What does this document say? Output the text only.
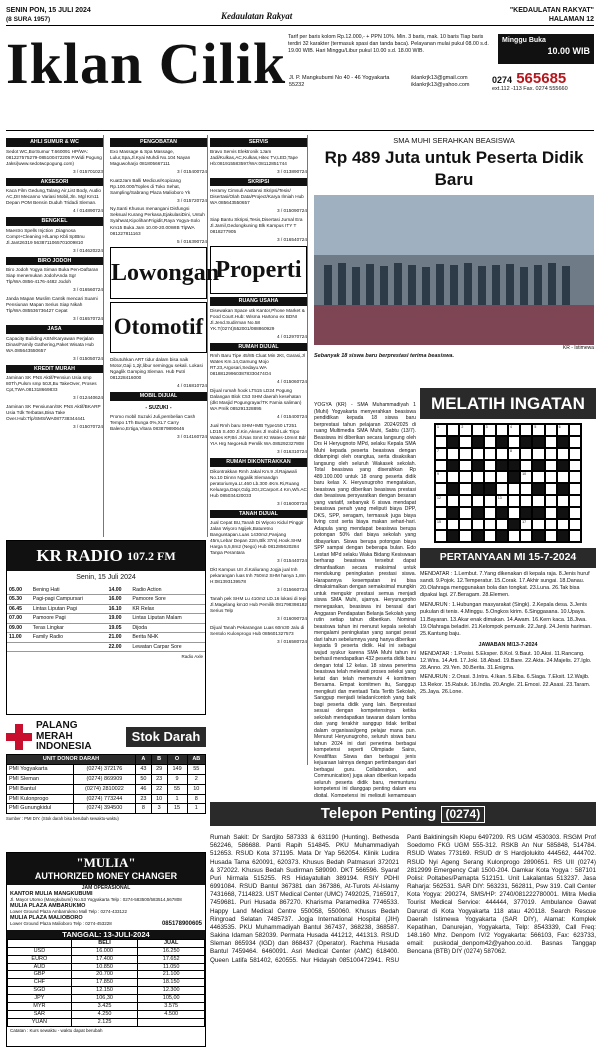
SENIN PON, 15 JULI 2024
(8 SURA 1957)	Kedaulatan Rakyat
"KEDAULATAN RAKYAT"
HALAMAN 12
Iklan Cilik Tarif per baris kolom Rp.12.000,- + PPN 10%. Min. 3 baris, mak. 10 baris Tiap baris terdiri 32 karakter (termasuk spasi dan tanda baca). Pelayanan mulai pukul 08.00 s.d. 19.00 WIB. Hari Minggu/Libur pukul 10.00 s.d. 18.00 WIB.
Minggu Buka
10.00 WIB
Jl. P. Mangkubumi No 40 - 46 Yogyakarta 55232
iklankrjk13@gmail.com
iklankrjk13@yahoo.com
0274 565685
ext.112 -113 Fax. 0274 555660
AHLI SUMUR & WC
Sedot WC,BorSumur T.660091 HP/WA: 081227575279-085100472205 P.Widi Pogung Jaksi(www.sedotwcpogung.com)
3 / 015701023
AKSESORI
Kaca Film Gedung,Talang Air,List Body, Audio AC,DII Mecanno Variasi Mobil,Jln. Mgl Km11 Depan POM Bensin Duduh Tridadi Sleman.
4 / 014890724
BENGKEL
Maestro Spells Injction ,Diagnosa Compt+Cleaning H/Lamp Kbli SptBnu Jl.Jant26319 5638711065701009810
3 / 014620224
BIRO JODOH
Biro Jodoh Yogya Siman Buka Pen-Daftaran Siap menemukan JodohAnda Sgr Tlp/WA.0856-4176-4482 Jodoh
3 / 016560724
Janda Mapan Muslim Cantik mencari Suami Pensiunan Mapan Serius Siap Nikah Tlp/WA.085536736427 Cepat
3 / 016570724
JASA
Capacity Building ASN/Karyawan Perjalan Dinas/Family Gathering,Paket Wisata Hub WA.085643550657
3 / 015050724
KREDIT MURAH
Jaminan SK PNS Aktif/Pensiun Usia smp 80Th,Pulsm smp 50Jt,Bu TakeOver, Proses Cpt,TWA.081318669833
3 / 012440624
Jaminan SK Pensiunan/SK PNS Aktif/BKARP Usia Tdk Terbatas,Bisa Take Over.Hub:Tlp/SMS/WA087738344441
3 / 015070724
PENGOBATAN
Exo Massage & Spa Massage, Lulur,Spa,Jl.Kyai Muhdi No.104 Nayan Maguwoharjo 081805667111
3 / 015400724
Kuat2Jam Balli Medicus/Kopicang Rp.100.000/Toples di Toko Sehat, Sampling/Sabrang Plaza Malioboro Yk
3 / 015720724
Ny.Santi Khusus menangani Disfungsi Seksual Kurang Perkasa,EjakulasiDini, Untuh Syahwat,KipolihanFrigidit,Raya Yogya-Solo Km15 Buka Jam 10.00-20.00WIB TlpWA 081227811163
5 / 016390724
Lowongan
Otomotif
Dibutuhkan ART tidur dalam bisa naik Motor,Gaji 1,2jt,libur seminggu sekali. Lokasi Ngaglik Gamping Sleman. Hub Putri 081228416000
4 / 016810724
MOBIL DIJUAL
- SUZUKI -
Promo mobil Suzuki Juli,pembelian Cash Tempo 1Th Bunga 0%,XL7 Carry Baleno,Ertiga,Vitara 083879890646
3 / 014160724
SERVIS
Bravo Servis Elektronik 1Jam Jadi/Kulkas,AC,Kulkas,Hitec TV,LED,Tape Hb:081915583597/WA:08112851744
3 / 013890724
SKRIPSI
Heramy Cimsuli Aastansi Skripsi/Tesis/ Disertasi/Olah Data/Project/Karya Ilmiah Hub WA 085643550657
3 / 015090724
Siap Bantu Skripsi,Tesis,Disertasi Jurnal Era Jl.Jamil,Gedongkuning Blk Kampus ITY T 0818277905
3 / 016540724
Properti
RUANG USAHA
Disewakan Space utk Kantor,Phone Market & Food Court.Hub: Wisma Hartono ex BDNI Jl.Jend.Sudirman No.58 YK.T(0274)552001/088860929
4 / 012970724
RUMAH DIJUAL
Rmh Baru Tipe 45/85 Cluat Min 2Kt, Garasi,Jl Wates Km.14,Gamung Mojo RT.23,Argosari,Sedayu.WA 081881299603878330474O4
4 / 015060724
Dijual rumah hook LT515 LD24 Pogung Dalangan Blok C53 SHM daerah kesehatan (dkt Masjid Pogungrayar/TK Famia saliman) WA Pmlk 085291328895
4 / 015400724
Jual Rmh baru SHM+IMB Type150 LT251 LD15 S.400 Jl.Kin,Akses Jl mobil Lok Tirpo Wates KP,Bri Jl.Nas Smrt Kt Wates-10mnt Bdr YIA Hrg NegoHub Pemlik WA.085292327808
3 / 016310724
RUMAH DIKONTRAKKAN
Dikontrakkan Rmh Jakal Km.9 Jl.Rajawali No.10 Dinnn Nggalik Slemandgn peratoriumya.Lt.460 Lb.300 4Km.Ri,Ruang Keluarga,Dapr,Gdg.2Gr,2Carport.4 Km,Wh.AC Hub 085034420033
3 / 016000724
TANAH DIJUAL
Jual Cepat BU,Tanah Di Wiyoro Kidul Pinggir Jalan Wiyoro Ngijek,Baturetno Banguntapan.Luas 1430m2,Panjang 45m,Lebar Depan 22m,Blk 37m|.Hook.SHM Harga 5,5,8m2 (Nego) Hub 081285620284 Tanpa Perantara
3 / 015440724
Dkt Kampus UII Jl.Kaliurang Jogja jual tnh pekarangan luas tnh 750m2 SHM hanya 1,8m H:081393139578
3 / 015660724
Tanah pek SHM Lu 410m2 LD.16 lokasi di tepi Jl.Magelang km10 Hub Pemilik 081798398182 Serius Telp
3 / 016090724
Dijual Tanah Pekarangan Luas 60m30 Jalu di Sentolo Kulonprogo Hub 085601327573
3 / 016580724
SMA MUHI SERAHKAN BEASISWA
Rp 489 Juta untuk Peserta Didik Baru
KR - Istimewa
Sebanyak 18 siswa baru berprestasi terima beasiswa.
YOGYA (KR) - SMA Muhammadiyah 1 (Muhi) Yogyakarta menyerahkan beasiswa pendidikan kepada 18 siswa baru berprestasi tahun pelajaran 2024/2025 di ruang Multimedia SMA Muhi, Sabtu (13/7). Beasiswa ini diberikan secara langsung oleh Drs H Heryugnoto MPd, selaku Kepala SMA Muhi kepada peserta beasiswa dengan didampingi oleh orangtua, serta disaksikan langsung oleh seluruh Wakasek sekolah. Total beasiswa yang diserahkan Rp 489.100.000 untuk 18 orang peserta didik baru kelas X. Heryunugroho mengatakan, beasiswa yang diberikan beasiswa prestasi dan beasiswa persyaratkan dengan besaran yang variatif, sebanyak 6 siswa mendapat beasiswa penuh yang meliputi biaya DPP, DKS, SPP, seragam, termasuk juga biaya living cost serta biaya makan sehari-hari. Adapula yang mendapat beasiswa berupa potongan 50% dari biaya sekolah yang dibayarkan. Siswa berupa potongan biaya SPP sampai dengan beberapa bulan. Edo Lestari MPd selaku Waka Bidang Kesiswaan berharap beasiswa tersebut dapat dimanfaatkan secara maksimal untuk mendukung peningkatan prestasi siswa. Harapannya kesempatan ini bisa dimaksimalkan dengan semaksimal mungkin untuk mengukir prestasi semua menjadi siswa SMA Muhi, ujarnya. Heryunugroho menegaskan, beasiswa ini berasal dari Anggaran Pendapatan Belanja Sekolah yang rutin setiap tahun diberikan. Nominal beasiswa tahun ini menurut kepala sekolah mengalami peningkatan yang sangat pesat dari tahun sebelumnya yang hanya diberikan kepada 9 peserta didik. Hal ini sebagai wujud syukur karena SMA Muhi tahun ini berhasil mendapatkan 432 peserta didik baru dengan total 12 kelas. 18 siswa penerima beasiswa telah melewati proses seleksi yang ketat dan telah memenuhi 4 komitmen Bersama. Empat komitmen itu, Sanggup mengikuti dan mentaati Tata Tertib Sekolah, Sanggup menjadi teladan/contoh yang baik bagi peserta didik yang lain. Berprestasi sesuai dengan kompetensinya ketika sekolah mendapatkan tawaran dalam lomba dan yang terakhir sanggup tidak terlibat dalam organisasi/geng pelajar mana pun. Menurut Heryunugroho, seluruh siswa baru tahun 2024 ini dari penerima berbagai kompetensi seperti Olimpiade Sains, Kreatifitas Siswa dan berbagai jenis kejuaraan lainnya dengan pertimbangan dari berbagai guru. Collaboration, and Communication) juga akan diberikan kepada seluruh peserta didik baru, memuntunu kompetensi ini dianggap penting dalam era digital. Kompetensi ini meliputi kemampuan
MELATIH INGATAN
1	2	3	4	5	6
7	8
9	10
12	13
15	17
PERTANYAAN MI 15-7-2024
MENDATAR : 1.Lembut. 7.Yang dikenakan di kepala raja. 8.Jenis huruf sandi. 9.Pojok. 12.Temperatur. 15.Corak. 17.Akhir sungai. 18.Danau. 20.Olahraga menggunakan bola dan tongkat. 23.Luna. 26.Tak bisa dipakai lagi. 27.Beragam. 28.Elemen.
MENURUN : 1.Hubungan masyarakat (Singk). 2.Kepala desa. 3.Jenis pukulan di tenis. 4.Minggu. 5.Ongkos kirim. 6.Singgasana. 10.Upaya. 11.Bayaran. 13.Akar enak dimakan. 14.Awam. 16.Kern kaca. 18.Jiwa. 19.Olahraga beladiri. 21.Kelompok pemusik. 22.Janji. 24.Jenis hariman. 25.Kantung baju.
JAWABAN MI13-7-2024
MENDATAR : 1.Posisi. 5.Eksper. 8.Kol. 9.Baut. 10.Aksi. 11.Rancang. 12.Wira. 14.Arti. 17.Joki. 18.Abad. 19.Bare. 22.Akta. 24.Majelis. 27.Iglo. 28.Anno. 29.Yen. 30.Berita. 31.Enigma.
MENURUN : 2.Orasi. 3.Intra. 4.Ikan. 5.Elba. 6.Siaga. 7.Eksit. 12.Wajib. 13.Rekor. 15.Rabuk. 16.India. 20.Angle. 21.Emosi. 22.Asasi. 23.Taram. 25.Jaya. 26.Lone.
KR RADIO
107.2 FM
Senin, 15 Juli 2024
05.00	Bening Hati	14.00	Radio Action
05.30	Pagi-pagi Campursari	16.00	Pamoore Sore
06.45	Lintas Liputan Pagi	16.10	KR Relax
07.00	Pamoore Pagi	19.00	Lintas Liputan Malam
09.00	Teras Lingkar	19.05	Dijoda
11.00	Family Radio	21.00	Berita NHK
		22.00	Lewatan Carpar Sore
Radio Axle
PALANG
MERAH
INDONESIA
Stok Darah
UNIT DONOR DARAH		A	B	O	AB
PMI Yogyakarta	(0274) 372176	43	29	149	55
PMI Sleman	(0274) 869909	50	23	9	2
PMI Bantul	(0274) 2810022	46	22	55	10
PMI Kulonprogo	(0274) 773244	23	10	1	8
PMI Gunungkidul	(0274) 394500	8	3	15	1
Sumber : PMI DIY. (Stok darah bisa berubah sewaktu-waktu)
"MULIA"
AUTHORIZED MONEY CHANGER
JAM OPERASIONAL
KANTOR MULIA MANGKUBUMI
Jl. Mayor Utomo (Mangkubumi) No.53 Yogyakarta Telp : 0274-583500/583514,567808
MULIA PLAZA AMBARUKMO
Lower Ground Plaza Ambarrukmo Mall Telp : 0274-433122
MULIA PLAZA MALIOBORO
Lower Ground Plaza Malioboro Telp : 0274-453228	085178900605
TANGGAL: 13-JULI-2024
	BELI	JUAL
USD	16.000	16.250
EURO	17.400	17.652
AUD	10.850	11.050
GBP	20.700	21.100
CHF	17.850	18.150
SGD	12.150	12.300
JPY	106,30	105,00
MYR	3.425	3.575
SAR	4.250	4.500
YUAN	2.125	
Catatan : Kurs sewaktu - waktu dapat berubah
Telepon Penting
(0274)
Rumah Sakit: Dr Sardjito 587333 & 631190 (Hunting). Bethesda 562246, 586688. Panti Rapih 514845. PKU Muhammadiyah 512653. RSUD Kota 371195. Mata Dr Yap 562054. Klinik Ludira Husada Tama 620091, 620373. Khusus Bedah Patmasuri 372021 & 372022. Khusus Bedah Sudirman 589090. DKT 566596. Syaraf Puri Nirmala 515255. RS Hidayatullah 389194. RSIY PDHI 6991084. RSUD Bantul 367381 dan 367386, At-Turots Al-Islamy 7431668, 7114823. UST Medical Center (UMC) 7492025, 7165917, 7459681. Puri Husada 867270. Kharisma Paramedika 7746533. Happy Land Medical Centre 550058, 550060. Khusus Bedah Ringroad Selatan 7485737. Jogja International Hospital (JIH) 4463535. PKU Muhammadiyah Bantul 367437, 368238, 368587. Sakina Idaman 582039. Permata Husada 441212, 441313. RSUD Sleman 865934 (IGD) dan 868437 (Operator). Rachma Husada Bantul 7459464. 6460091. Asri Medical Center (AMC) 618400. Queen Latifa 581402, 620555. Nur Hidayah 085100472941. RSU Panti Baktiningsih Klepu 6497209. RS UGM 4530303. RSGM Prof Soedomo FKG UGM 555-312. RSKB An Nur 585848, 514784. RSUD Wates 773169. RSUD dr S Hardjolukito 444562, 444702. RSUD Nyi Ageng Serang Kulonprogo 2890651. RS UII (0274) 2812999 Emergency Call 1500-204. Damkar Kota Yogya : 587101 Polisi: Poltabes/Pamapta 512151. Unit Lakalantas 513237. Jasa Raharja: 562531. SAR DIY: 563231, 562811, Psw 319. Call Center Kota Yogya: 290274, SMS/HP: 2740/081222780001. Mitra Media Tourist Medical Service: 444444, 377019. Ambulance Gawat Darurat di Kota Yogyakarta 118 atau 420118. Search Rescue Daerah Istimewa Yogyakarta (SAR DIY), Alamat: Komplek Kepatihan, Danurejan, Yogyakarta, Telp: 8543339, Call Freq: 148.160 Mhz. Denpom IV/2 Yogyakarta: 566103, Fax: 623733, email: puskodal_denpom42@yahoo.co.id. Basnas Tanggap Bencana (BTB) DIY (0274) 587062.
